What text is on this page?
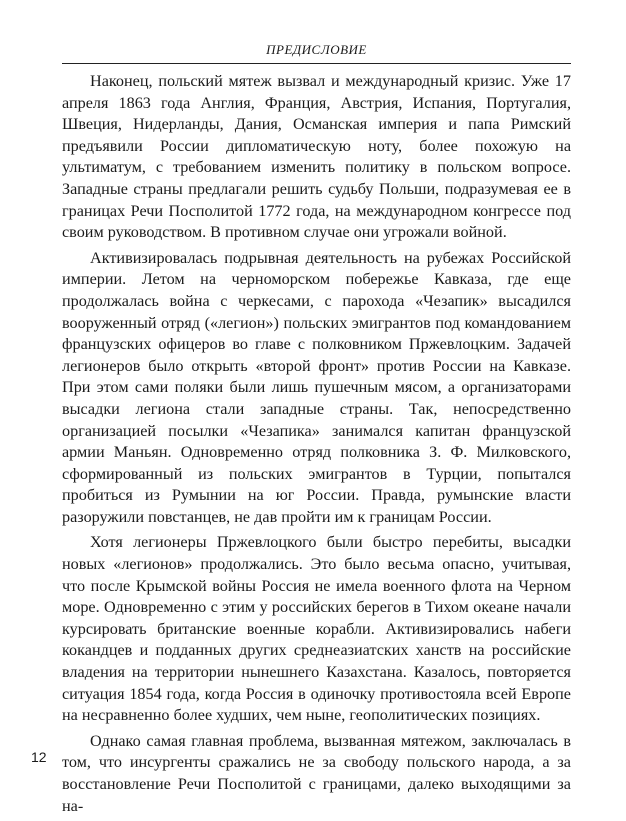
ПРЕДИСЛОВИЕ

Наконец, польский мятеж вызвал и международный кризис. Уже 17 апреля 1863 года Англия, Франция, Австрия, Испания, Португалия, Швеция, Нидерланды, Дания, Османская империя и папа Римский предъявили России дипломатическую ноту, более похожую на ультиматум, с требованием изменить политику в польском вопросе. Западные страны предлагали решить судьбу Польши, подразумевая ее в границах Речи Посполитой 1772 года, на международном конгрессе под своим руководством. В противном случае они угрожали войной.

Активизировалась подрывная деятельность на рубежах Российской империи. Летом на черноморском побережье Кавказа, где еще продолжалась война с черкесами, с парохода «Чезапик» высадился вооруженный отряд («легион») польских эмигрантов под командованием французских офицеров во главе с полковником Пржевлоцким. Задачей легионеров было открыть «второй фронт» против России на Кавказе. При этом сами поляки были лишь пушечным мясом, а организаторами высадки легиона стали западные страны. Так, непосредственно организацией посылки «Чезапика» занимался капитан французской армии Маньян. Одновременно отряд полковника З. Ф. Милковского, сформированный из польских эмигрантов в Турции, попытался пробиться из Румынии на юг России. Правда, румынские власти разоружили повстанцев, не дав пройти им к границам России.

Хотя легионеры Пржевлоцкого были быстро перебиты, высадки новых «легионов» продолжались. Это было весьма опасно, учитывая, что после Крымской войны Россия не имела военного флота на Черном море. Одновременно с этим у российских берегов в Тихом океане начали курсировать британские военные корабли. Активизировались набеги кокандцев и подданных других среднеазиатских ханств на российские владения на территории нынешнего Казахстана. Казалось, повторяется ситуация 1854 года, когда Россия в одиночку противостояла всей Европе на несравненно более худших, чем ныне, геополитических позициях.

Однако самая главная проблема, вызванная мятежом, заключалась в том, что инсургенты сражались не за свободу польского народа, а за восстановление Речи Посполитой с границами, далеко выходящими за на-

12
